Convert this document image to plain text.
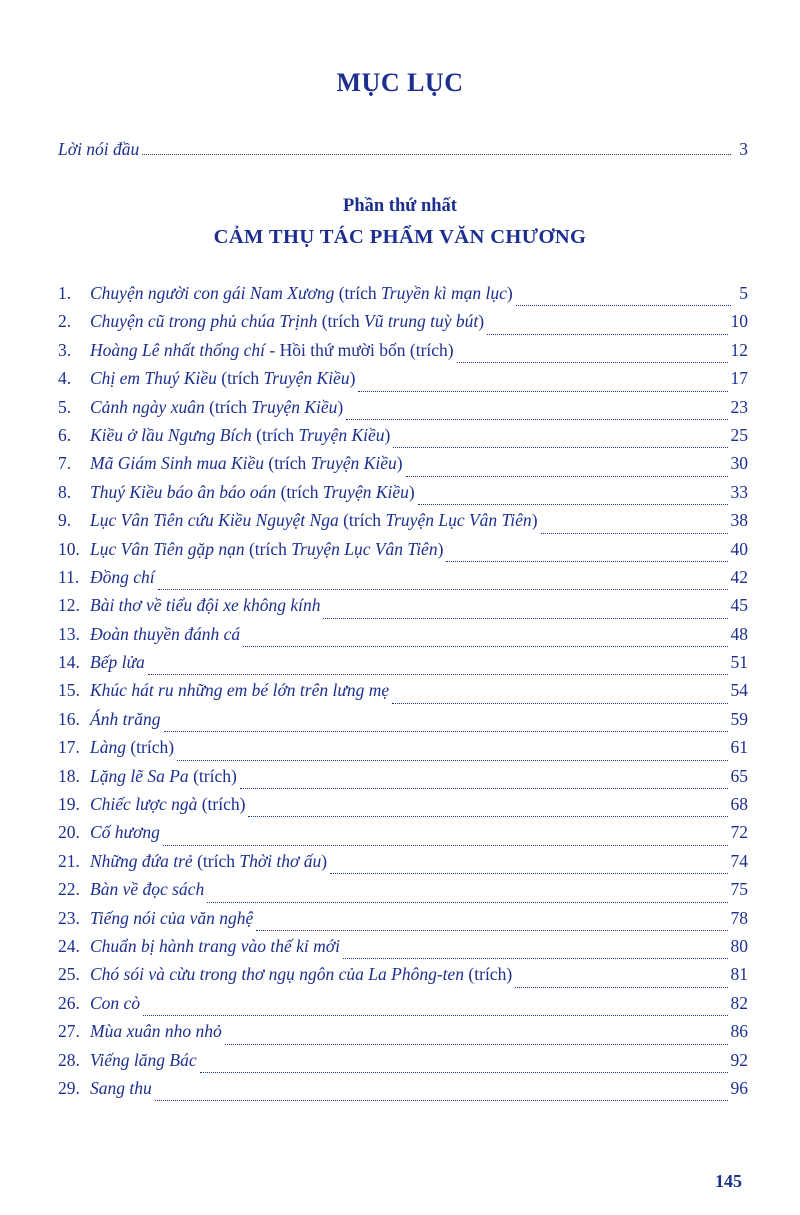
MỤC LỤC
Lời nói đầu	3
Phần thứ nhất
CẢM THỤ TÁC PHẨM VĂN CHƯƠNG
1.	Chuyện người con gái Nam Xương (trích Truyền kì mạn lục)	5
2.	Chuyện cũ trong phủ chúa Trịnh (trích Vũ trung tuỳ bút)	10
3.	Hoàng Lê nhất thống chí - Hồi thứ mười bốn (trích)	12
4.	Chị em Thuý Kiều (trích Truyện Kiều)	17
5.	Cảnh ngày xuân (trích Truyện Kiều)	23
6.	Kiều ở lầu Ngưng Bích (trích Truyện Kiều)	25
7.	Mã Giám Sinh mua Kiều (trích Truyện Kiều)	30
8.	Thuý Kiều báo ân báo oán (trích Truyện Kiều)	33
9.	Lục Vân Tiên cứu Kiều Nguyệt Nga (trích Truyện Lục Vân Tiên)	38
10. Lục Vân Tiên gặp nạn (trích Truyện Lục Vân Tiên)	40
11. Đồng chí	42
12. Bài thơ về tiểu đội xe không kính	45
13. Đoàn thuyền đánh cá	48
14. Bếp lửa	51
15. Khúc hát ru những em bé lớn trên lưng mẹ	54
16. Ánh trăng	59
17. Làng (trích)	61
18. Lặng lẽ Sa Pa (trích)	65
19. Chiếc lược ngà (trích)	68
20. Cố hương	72
21. Những đứa trẻ (trích Thời thơ ấu)	74
22. Bàn về đọc sách	75
23. Tiếng nói của văn nghệ	78
24. Chuẩn bị hành trang vào thế kỉ mới	80
25. Chó sói và cừu trong thơ ngụ ngôn của La Phông-ten (trích)	81
26. Con cò	82
27. Mùa xuân nho nhỏ	86
28. Viếng lăng Bác	92
29. Sang thu	96
145
